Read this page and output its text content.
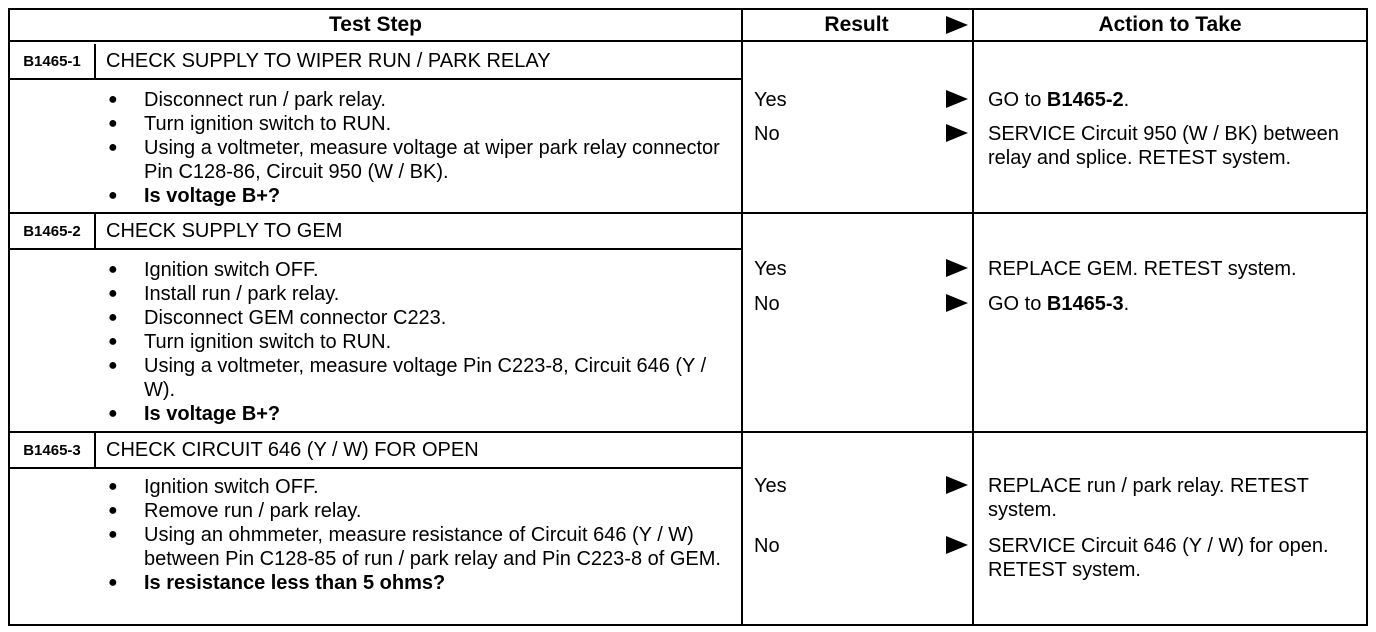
Test Step	Result	Action to Take
B1465-1	CHECK SUPPLY TO WIPER RUN / PARK RELAY
● Disconnect run / park relay.
● Turn ignition switch to RUN.
● Using a voltmeter, measure voltage at wiper park relay connector Pin C128-86, Circuit 950 (W / BK).
● Is voltage B+?
Yes	GO to B1465-2.
No	SERVICE Circuit 950 (W / BK) between relay and splice. RETEST system.
B1465-2	CHECK SUPPLY TO GEM
● Ignition switch OFF.
● Install run / park relay.
● Disconnect GEM connector C223.
● Turn ignition switch to RUN.
● Using a voltmeter, measure voltage Pin C223-8, Circuit 646 (Y / W).
● Is voltage B+?
Yes	REPLACE GEM. RETEST system.
No	GO to B1465-3.
B1465-3	CHECK CIRCUIT 646 (Y / W) FOR OPEN
● Ignition switch OFF.
● Remove run / park relay.
● Using an ohmmeter, measure resistance of Circuit 646 (Y / W) between Pin C128-85 of run / park relay and Pin C223-8 of GEM.
● Is resistance less than 5 ohms?
Yes	REPLACE run / park relay. RETEST system.
No	SERVICE Circuit 646 (Y / W) for open. RETEST system.
